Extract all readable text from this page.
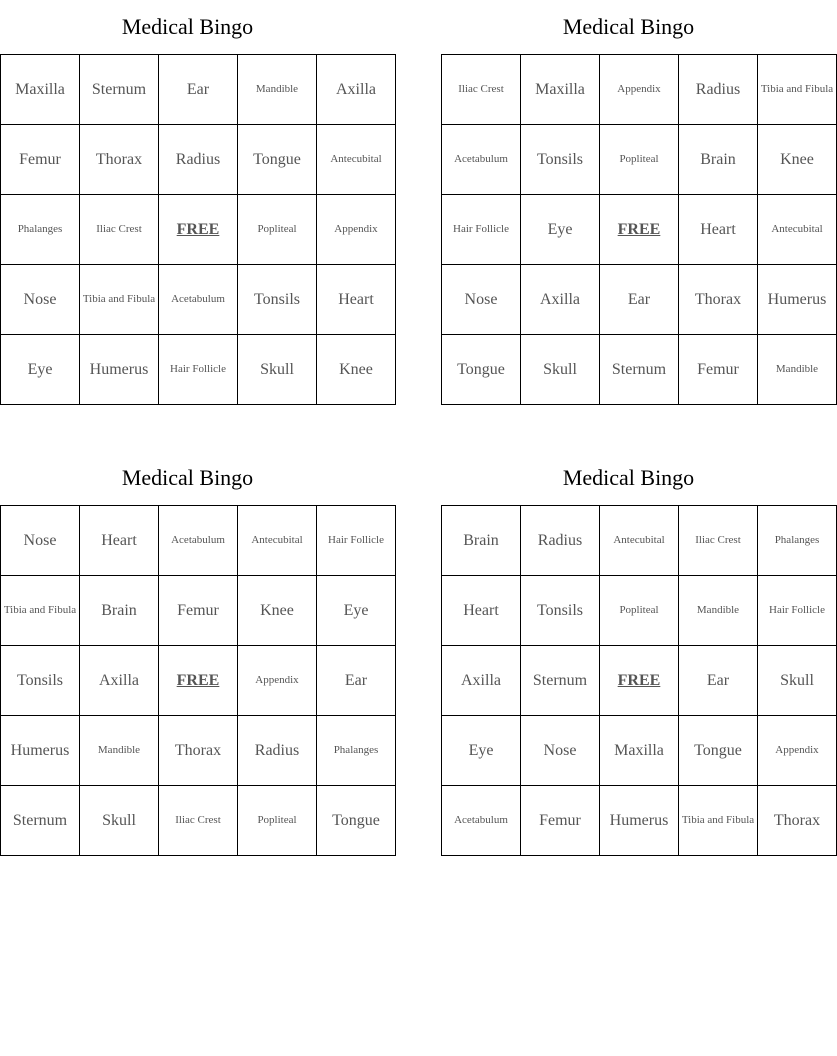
Medical Bingo
Maxilla	Sternum	Ear	Mandible	Axilla
Femur	Thorax	Radius	Tongue	Antecubital
Phalanges	Iliac Crest	FREE	Popliteal	Appendix
Nose	Tibia and Fibula	Acetabulum	Tonsils	Heart
Eye	Humerus	Hair Follicle	Skull	Knee
Medical Bingo
Iliac Crest	Maxilla	Appendix	Radius	Tibia and Fibula
Acetabulum	Tonsils	Popliteal	Brain	Knee
Hair Follicle	Eye	FREE	Heart	Antecubital
Nose	Axilla	Ear	Thorax	Humerus
Tongue	Skull	Sternum	Femur	Mandible
Medical Bingo
Nose	Heart	Acetabulum	Antecubital	Hair Follicle
Tibia and Fibula	Brain	Femur	Knee	Eye
Tonsils	Axilla	FREE	Appendix	Ear
Humerus	Mandible	Thorax	Radius	Phalanges
Sternum	Skull	Iliac Crest	Popliteal	Tongue
Medical Bingo
Brain	Radius	Antecubital	Iliac Crest	Phalanges
Heart	Tonsils	Popliteal	Mandible	Hair Follicle
Axilla	Sternum	FREE	Ear	Skull
Eye	Nose	Maxilla	Tongue	Appendix
Acetabulum	Femur	Humerus	Tibia and Fibula	Thorax
